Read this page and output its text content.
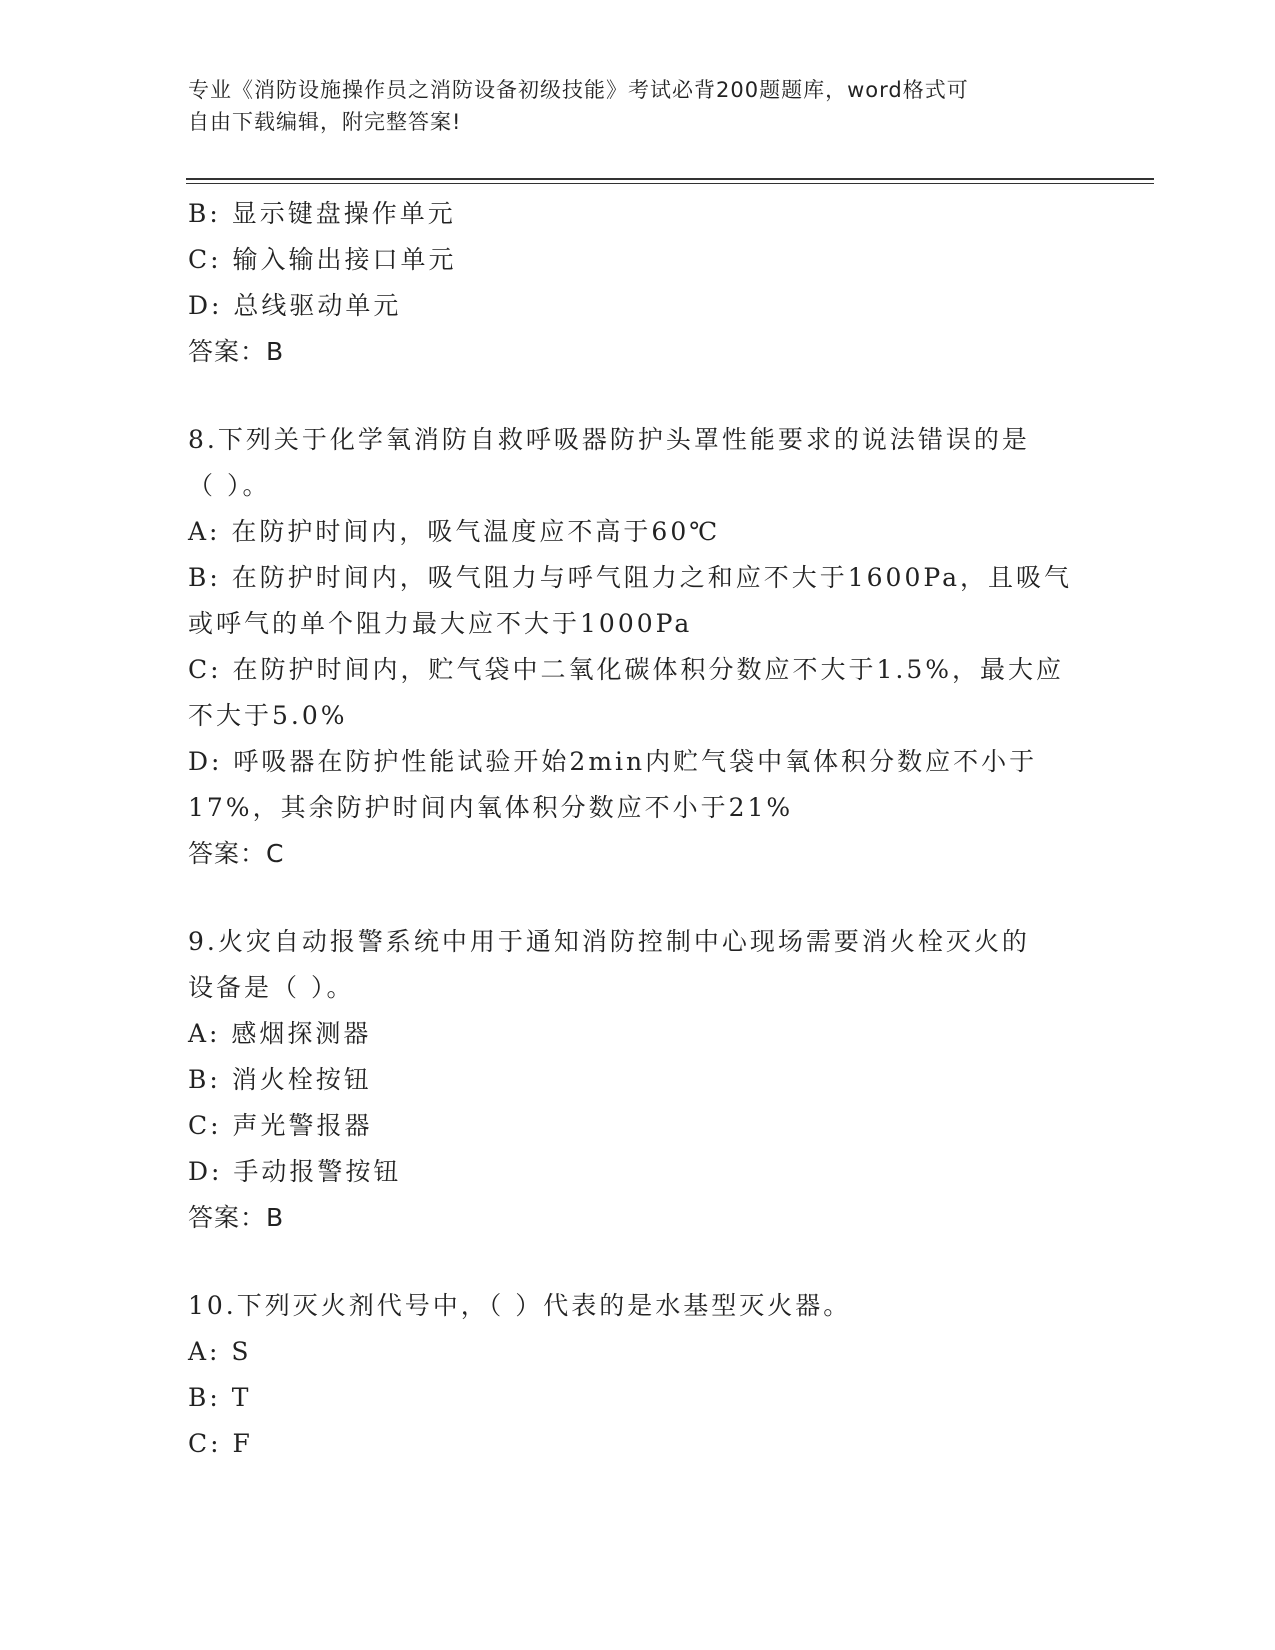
专业《消防设施操作员之消防设备初级技能》考试必背200题题库，word格式可
自由下载编辑，附完整答案!
B: 显示键盘操作单元
C: 输入输出接口单元
D: 总线驱动单元
答案：B
8.下列关于化学氧消防自救呼吸器防护头罩性能要求的说法错误的是
（ ）。
A: 在防护时间内，吸气温度应不高于60℃
B: 在防护时间内，吸气阻力与呼气阻力之和应不大于1600Pa，且吸气
或呼气的单个阻力最大应不大于1000Pa
C: 在防护时间内，贮气袋中二氧化碳体积分数应不大于1.5%，最大应
不大于5.0%
D: 呼吸器在防护性能试验开始2min内贮气袋中氧体积分数应不小于
17%，其余防护时间内氧体积分数应不小于21%
答案：C
9.火灾自动报警系统中用于通知消防控制中心现场需要消火栓灭火的
设备是（ ）。
A: 感烟探测器
B: 消火栓按钮
C: 声光警报器
D: 手动报警按钮
答案：B
10.下列灭火剂代号中，（ ）代表的是水基型灭火器。
A: S
B: T
C: F
